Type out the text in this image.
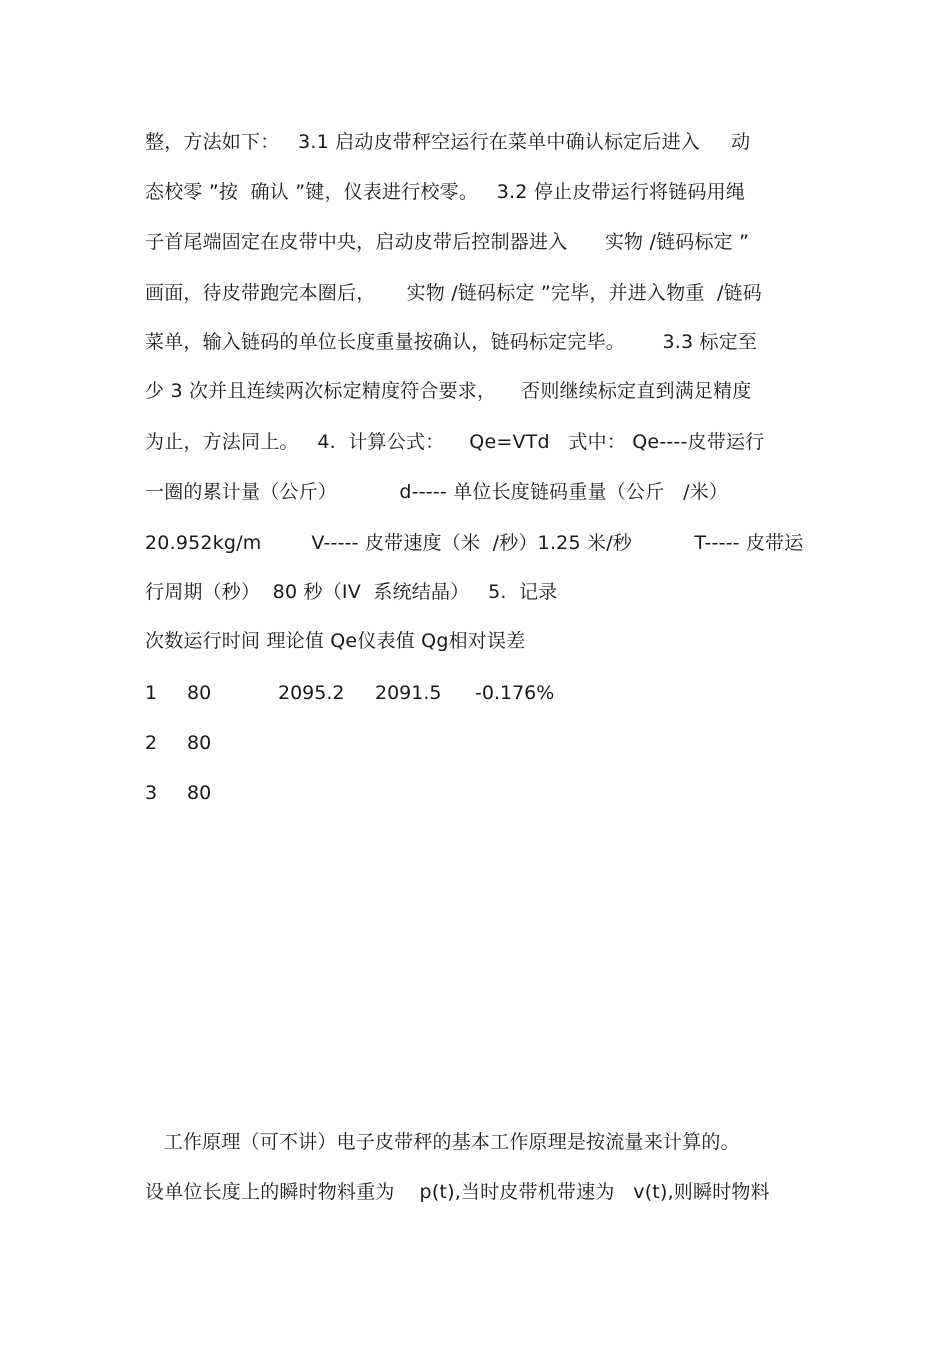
整，方法如下：   3.1 启动皮带秤空运行在菜单中确认标定后进入     动
态校零 ”按  确认 ”键，仪表进行校零。   3.2 停止皮带运行将链码用绳
子首尾端固定在皮带中央，启动皮带后控制器进入      实物 /链码标定 ”
画面，待皮带跑完本圈后，     实物 /链码标定 ”完毕，并进入物重  /链码
菜单，输入链码的单位长度重量按确认，链码标定完毕。      3.3 标定至
少 3 次并且连续两次标定精度符合要求，    否则继续标定直到满足精度
为止，方法同上。   4.  计算公式：    Qe=VTd   式中： Qe----皮带运行
一圈的累计量（公斤）          d----- 单位长度链码重量（公斤   /米）
20.952kg/m        V----- 皮带速度（米  /秒）1.25 米/秒          T----- 皮带运
行周期（秒）  80 秒（IV  系统结晶）   5.  记录
次数运行时间 理论值 Qe仪表值 Qg相对误差
1 80	2095.2 2091.5 -0.176%
2 80
3 80
工作原理（可不讲）电子皮带秤的基本工作原理是按流量来计算的。
设单位长度上的瞬时物料重为    p(t),当时皮带机带速为   v(t),则瞬时物料
